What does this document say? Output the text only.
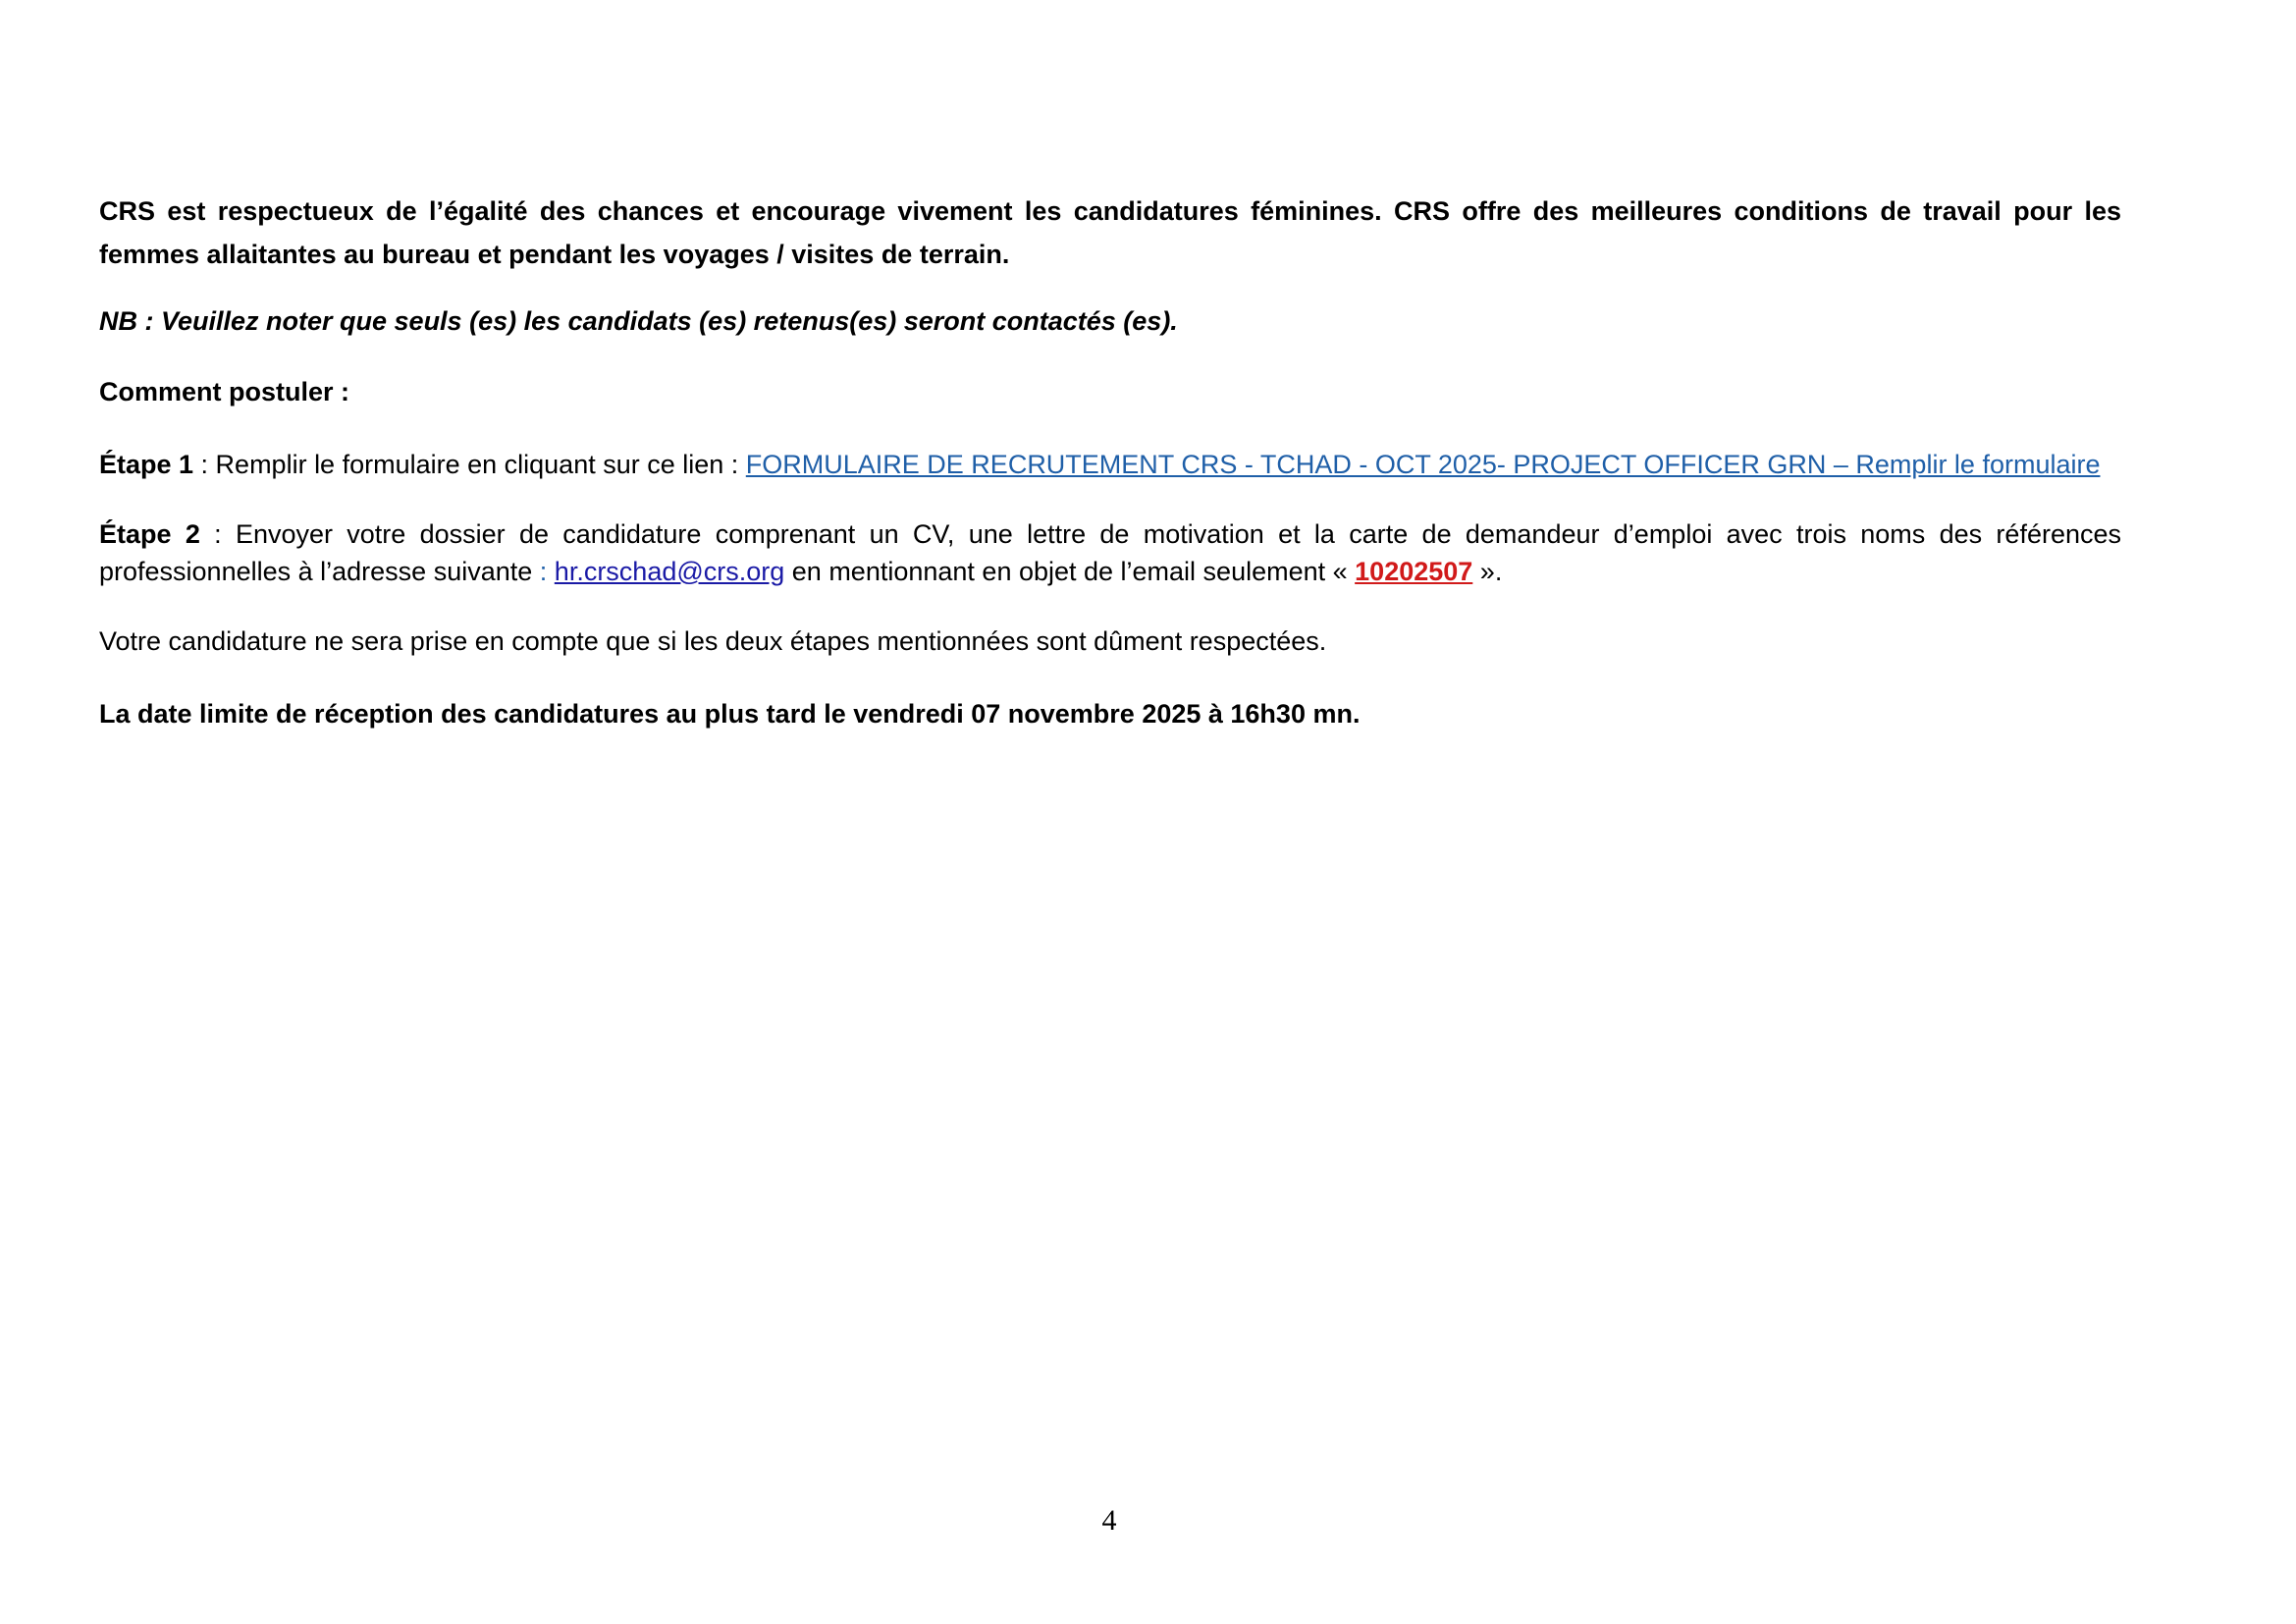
CRS est respectueux de l’égalité des chances et encourage vivement les candidatures féminines. CRS offre des meilleures conditions de travail pour les femmes allaitantes au bureau et pendant les voyages / visites de terrain.

NB : Veuillez noter que seuls (es) les candidats (es) retenus(es) seront contactés (es).

Comment postuler :

Étape 1 : Remplir le formulaire en cliquant sur ce lien : FORMULAIRE DE RECRUTEMENT CRS - TCHAD - OCT 2025- PROJECT OFFICER GRN – Remplir le formulaire

Étape 2 : Envoyer votre dossier de candidature comprenant un CV, une lettre de motivation et la carte de demandeur d’emploi avec trois noms des références professionnelles à l’adresse suivante : hr.crschad@crs.org en mentionnant en objet de l’email seulement « 10202507 ».

Votre candidature ne sera prise en compte que si les deux étapes mentionnées sont dûment respectées.

La date limite de réception des candidatures au plus tard le vendredi 07 novembre 2025 à 16h30 mn.

4
